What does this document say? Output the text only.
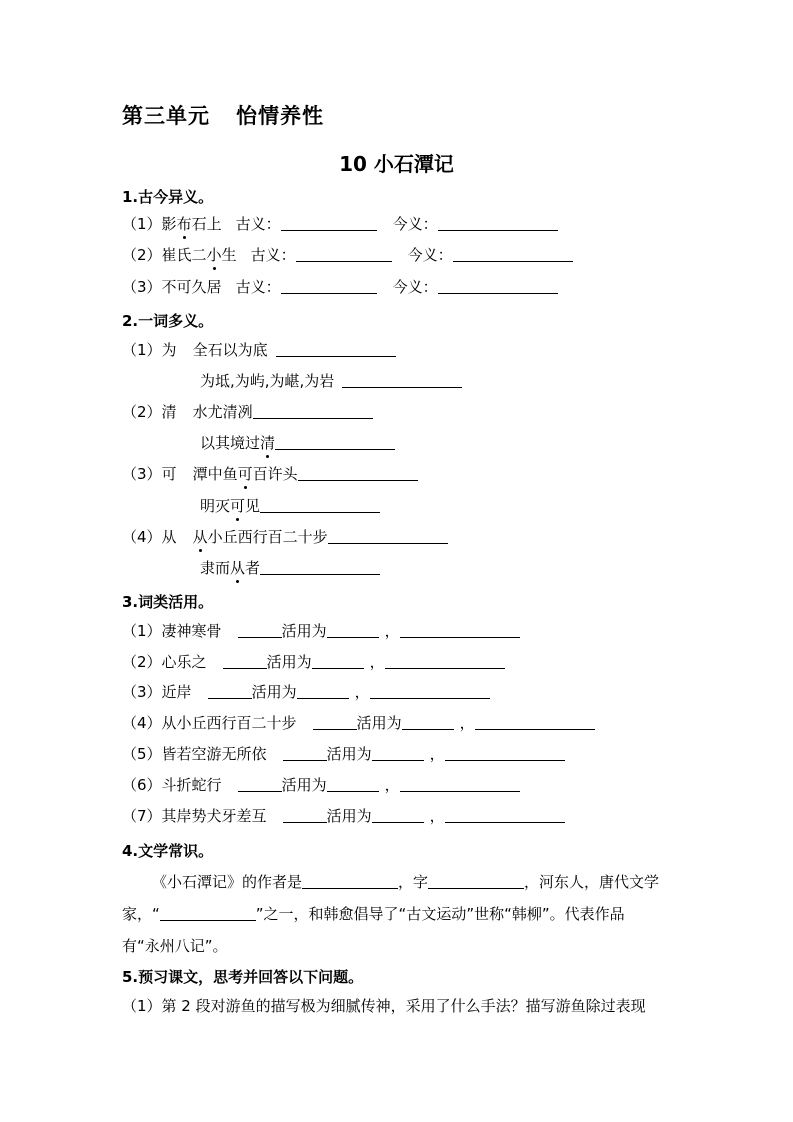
第三单元 怡情养性
10 小石潭记
1.古今异义。
（1）影布石上 古义：	今义：
（2）崔氏二小生 古义：	今义：
（3）不可久居 古义：	今义：
2.一词多义。
（1）为 全石以为底
为坻,为屿,为嵁,为岩
（2）清 水尤清冽
以其境过清
（3）可 潭中鱼可百许头
明灭可见
（4）从 从小丘西行百二十步
隶而从者
3.词类活用。
（1）凄神寒骨	活用为	，
（2）心乐之	活用为	，
（3）近岸	活用为	，
（4）从小丘西行百二十步	活用为	，
（5）皆若空游无所依	活用为	，
（6）斗折蛇行	活用为	，
（7）其岸势犬牙差互	活用为	，
4.文学常识。
《小石潭记》的作者是	，字	，河东人，唐代文学
家，“	”之一，和韩愈倡导了“古文运动”世称“韩柳”。代表作品
有“永州八记”。
5.预习课文，思考并回答以下问题。
（1）第 2 段对游鱼的描写极为细腻传神，采用了什么手法？描写游鱼除过表现
